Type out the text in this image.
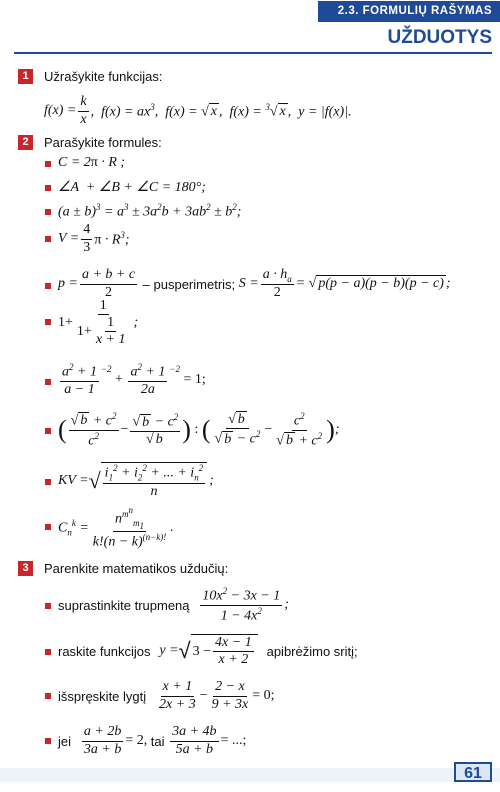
2.3. FORMULIŲ RAŠYMAS
UŽDUOTYS
1	Užrašykite funkcijas:
$f(x) = \frac{k}{x}$ ,  $f(x) = ax^3$,  f(x) = √ x ,  f(x) = $^3$√ x ,  y = |f(x)|.
2	Parašykite formules:
C = 2π · R ;
∠A  + ∠B + ∠C = 180°;
$(a \pm b)^3 = a^3 \pm 3a^2b + 3ab^2 \pm b^2$;
$V = \frac{4}{3}$ $\pi \cdot R^3$;
$p = \frac{a + b + c}{2}$ – pusperimetris; $S = \frac{a \cdot h_a}{2}$ = √ p(p − a)(p − b)(p − c) ;
$1+ \frac{1}{1+ \frac{1}{x + 1}}$ ;
$\frac{a^2 + 1}{a - 1}^{-2}$
+ $\frac{a^2 + 1}{2a}^{-2}$
= 1;
( $\frac{√ b + c^2}{c^2} - \frac{√ b - c^2}{√ b}$ ) : ( $\frac{√ b}{√ b - c^2} - \frac{c^2}{√ b + c^2}$ ) ;
KV = √ $\frac{i_1^2 + i_2^2 + ... + i_n^2}{n}$ ;
$C_n^k = \frac{n^{m^n}_{m_1}}{k!(n - k)^{(n-k)!}}$ .
3	Parenkite matematikos uždučių:
suprastinkite trupmeną
$\frac{10x^2 - 3x - 1}{1 - 4x^2}$ ;
raskite funkcijos
y = √ $3 - \frac{4x - 1}{x + 2}$
apibrėžimo sritį;
išspręskite lygtį
$\frac{x + 1}{2x + 3} - \frac{2 - x}{9 + 3x} = 0$;
jei
$\frac{a + 2b}{3a + b} = 2$, tai $\frac{3a + 4b}{5a + b}$ = ...;
61
